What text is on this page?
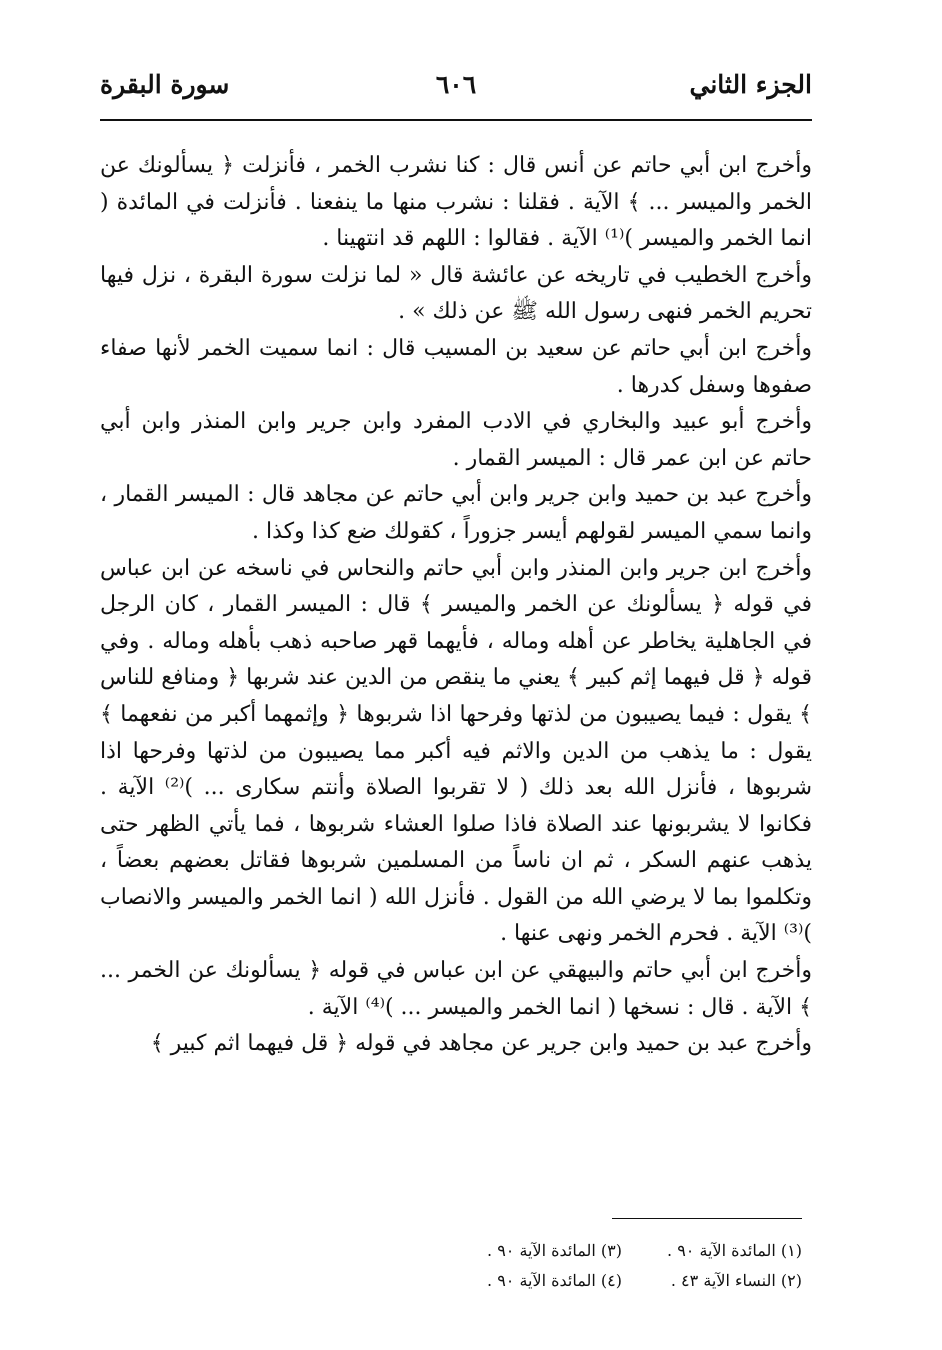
الجزء الثاني
٦٠٦
سورة البقرة

وأخرج ابن أبي حاتم عن أنس قال : كنا نشرب الخمر ، فأنزلت ﴿ يسألونك عن الخمر والميسر ... ﴾ الآية . فقلنا : نشرب منها ما ينفعنا . فأنزلت في المائدة ( انما الخمر والميسر )⁽¹⁾ الآية . فقالوا : اللهم قد انتهينا .

وأخرج الخطيب في تاريخه عن عائشة قال « لما نزلت سورة البقرة ، نزل فيها تحريم الخمر فنهى رسول الله ﷺ عن ذلك » .

وأخرج ابن أبي حاتم عن سعيد بن المسيب قال : انما سميت الخمر لأنها صفاء صفوها وسفل كدرها .

وأخرج أبو عبيد والبخاري في الادب المفرد وابن جرير وابن المنذر وابن أبي حاتم عن ابن عمر قال : الميسر القمار .

وأخرج عبد بن حميد وابن جرير وابن أبي حاتم عن مجاهد قال : الميسر القمار ، وانما سمي الميسر لقولهم أيسر جزوراً ، كقولك ضع كذا وكذا .

وأخرج ابن جرير وابن المنذر وابن أبي حاتم والنحاس في ناسخه عن ابن عباس في قوله ﴿ يسألونك عن الخمر والميسر ﴾ قال : الميسر القمار ، كان الرجل في الجاهلية يخاطر عن أهله وماله ، فأيهما قهر صاحبه ذهب بأهله وماله . وفي قوله ﴿ قل فيهما إثم كبير ﴾ يعني ما ينقص من الدين عند شربها ﴿ ومنافع للناس ﴾ يقول : فيما يصيبون من لذتها وفرحها اذا شربوها ﴿ وإثمهما أكبر من نفعهما ﴾ يقول : ما يذهب من الدين والاثم فيه أكبر مما يصيبون من لذتها وفرحها اذا شربوها ، فأنزل الله بعد ذلك ( لا تقربوا الصلاة وأنتم سكارى ... )⁽²⁾ الآية . فكانوا لا يشربونها عند الصلاة فاذا صلوا العشاء شربوها ، فما يأتي الظهر حتى يذهب عنهم السكر ، ثم ان ناساً من المسلمين شربوها فقاتل بعضهم بعضاً ، وتكلموا بما لا يرضي الله من القول . فأنزل الله ( انما الخمر والميسر والانصاب )⁽³⁾ الآية . فحرم الخمر ونهى عنها .

وأخرج ابن أبي حاتم والبيهقي عن ابن عباس في قوله ﴿ يسألونك عن الخمر ... ﴾ الآية . قال : نسخها ( انما الخمر والميسر ... )⁽⁴⁾ الآية .

وأخرج عبد بن حميد وابن جرير عن مجاهد في قوله ﴿ قل فيهما اثم كبير ﴾

(١) المائدة الآية ٩٠ .
(٢) النساء الآية ٤٣ .
(٣) المائدة الآية ٩٠ .
(٤) المائدة الآية ٩٠ .
